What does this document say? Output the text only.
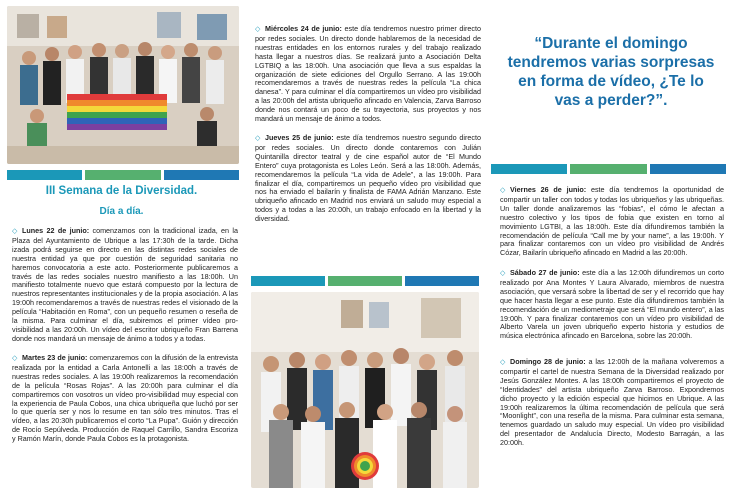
III Semana de la Diversidad.
Día a día.
◇ Lunes 22 de junio: comenzamos con la tradicional izada, en la Plaza del Ayuntamiento de Ubrique a las 17:30h de la tarde. Dicha izada podrá seguirse en directo en las distintas redes sociales de nuestra entidad ya que por cuestión de seguridad sanitaria no haremos convocatoria a este acto. Posteriormente publicaremos a través de las redes sociales nuestro manifiesto a las 18:00h. Un manifiesto totalmente nuevo que estará compuesto por la lectura de nuestros representantes institucionales y de la propia asociación. A las 19:00h recomendaremos a través de nuestras redes el visionado de la película “Habitación en Roma”, con un pequeño resumen o reseña de la misma. Para culminar el día, subiremos el primer vídeo pro-visibilidad a las 20:00h. Un vídeo del escritor ubriqueño Fran Barrena donde nos mandará un mensaje de ánimo a todos y a todas.
◇ Martes 23 de junio: comenzaremos con la difusión de la entrevista realizada por la entidad a Carla Antonelli a las 18:00h a través de nuestras redes sociales. A las 19:00h realizaremos la recomendación de la película “Rosas Rojas”. A las 20:00h para culminar el día compartiremos con vosotros un vídeo pro-visibilidad muy especial con la experiencia de Paula Cobos, una chica ubriqueña que luchó por ser lo que quería ser y nos lo resume en tan sólo tres minutos. Tras el vídeo, a las 20:30h publicaremos el corto “La Pupa”. Guión y dirección de Rocío Sepúlveda. Producción de Raquel Carrillo, Sandra Escoriza y Ramón Marín, donde Paula Cobos es la protagonista.
◇ Miércoles 24 de junio: este día tendremos nuestro primer directo por redes sociales. Un directo donde hablaremos de la necesidad de nuestras entidades en los entornos rurales y del trabajo realizado hasta llegar a nuestros días. Se realizará junto a Asociación Delta LGTBIQ a las 18:00h. Una asociación que lleva a sus espaldas la organización de siete ediciones del Orgullo Serrano. A las 19:00h recomendaremos a través de nuestras redes la película “La chica danesa”. Y para culminar el día compartiremos un vídeo pro visibilidad a las 20:00h del artista ubriqueño afincado en Valencia, Zarva Barroso donde nos contará un poco de su trayectoria, sus proyectos y nos mandará un mensaje de ánimo a todos.
◇ Jueves 25 de junio: este día tendremos nuestro segundo directo por redes sociales. Un directo donde contaremos con Julián Quintanilla director teatral y de cine español autor de “El Mundo Entero” cuya protagonista es Loles León. Será a las 18:00h. Además, recomendaremos la película “La vida de Adele”, a las 19:00h. Para finalizar el día, compartiremos un pequeño vídeo pro visibilidad que nos ha enviado el bailarín y finalista de FAMA Adrián Manzano. Este ubriqueño afincado en Madrid nos enviará un saludo muy especial a todos y a todas a las 20:00h, un trabajo enfocado en la libertad y la diversidad.
“Durante el domingo tendremos varias sorpresas en forma de vídeo, ¿Te lo vas a perder?”.
◇ Viernes 26 de junio: este día tendremos la oportunidad de compartir un taller con todos y todas los ubriqueños y las ubriqueñas. Un taller donde analizaremos las “fobias”, el cómo le afectan a nuestro colectivo y los tipos de fobia que existen en torno al movimiento LGTBI, a las 18:00h. Este día difundiremos también la recomendación de película “Call me by your name”, a las 19:00h. Y para finalizar contaremos con un vídeo pro visibilidad de Andrés Cózar, Bailarín ubriqueño afincado en Madrid a las 20:00h.
◇ Sábado 27 de junio: este día a las 12:00h difundiremos un corto realizado por Ana Montes Y Laura Alvarado, miembros de nuestra asociación, que versará sobre la libertad de ser y el recorrido que hay que hacer hasta llegar a ese punto. Este día difundiremos también la recomendación de un mediometraje que será “El mundo entero”, a las 19:00h. Y para finalizar contaremos con un vídeo pro visibilidad de Alberto Varela un joven ubriqueño experto historia y estudios de música electrónica afincado en Barcelona, sobre las 20:00h.
◇ Domingo 28 de junio: a las 12:00h de la mañana volveremos a compartir el cartel de nuestra Semana de la Diversidad realizado por Jesús González Montes. A las 18:00h compartiremos el proyecto de “Identidades” del artista ubriqueño Zarva Barroso. Expondremos dicho proyecto y la edición especial que hicimos en Ubrique. A las 19:00h realizaremos la última recomendación de película que será “Moonlight”, con una reseña de la misma. Para culminar esta semana, tenemos guardado un saludo muy especial. Un vídeo pro visibilidad del presentador de Andalucía Directo, Modesto Barragán, a las 20:00h.
